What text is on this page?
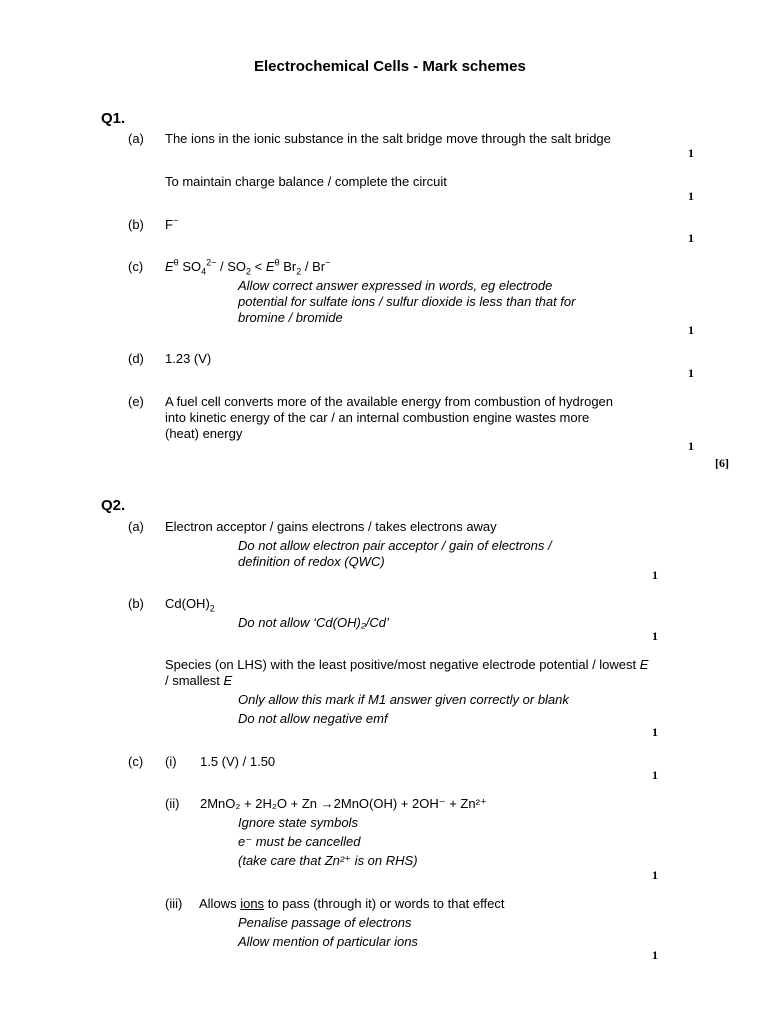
Electrochemical Cells - Mark schemes
Q1.
(a) The ions in the ionic substance in the salt bridge move through the salt bridge
1
To maintain charge balance / complete the circuit
1
(b) F−
1
(c) $E^\theta$ $SO_4^{2-} / SO_2 < E^\theta$ $Br_2 / Br^-$
Allow correct answer expressed in words, eg electrode
potential for sulfate ions / sulfur dioxide is less than that for
bromine / bromide
1
(d) 1.23 (V)
1
(e) A fuel cell converts more of the available energy from combustion of hydrogen
into kinetic energy of the car / an internal combustion engine wastes more
(heat) energy
1
[6]
Q2.
(a) Electron acceptor / gains electrons / takes electrons away
Do not allow electron pair acceptor / gain of electrons /
definition of redox (QWC)
1
(b) $Cd(OH)_2$
Do not allow ‘Cd(OH)₂/Cd’
1
Species (on LHS) with the least positive/most negative electrode potential / lowest E
/ smallest E
Only allow this mark if M1 answer given correctly or blank
Do not allow negative emf
1
(c) (i) 1.5 (V) / 1.50
1
(ii) 2MnO₂ + 2H₂O + Zn →2MnO(OH) + 2OH⁻ + Zn²⁺
Ignore state symbols
e⁻ must be cancelled
(take care that Zn²⁺ is on RHS)
1
(iii) Allows ions to pass (through it) or words to that effect
Penalise passage of electrons
Allow mention of particular ions
1
